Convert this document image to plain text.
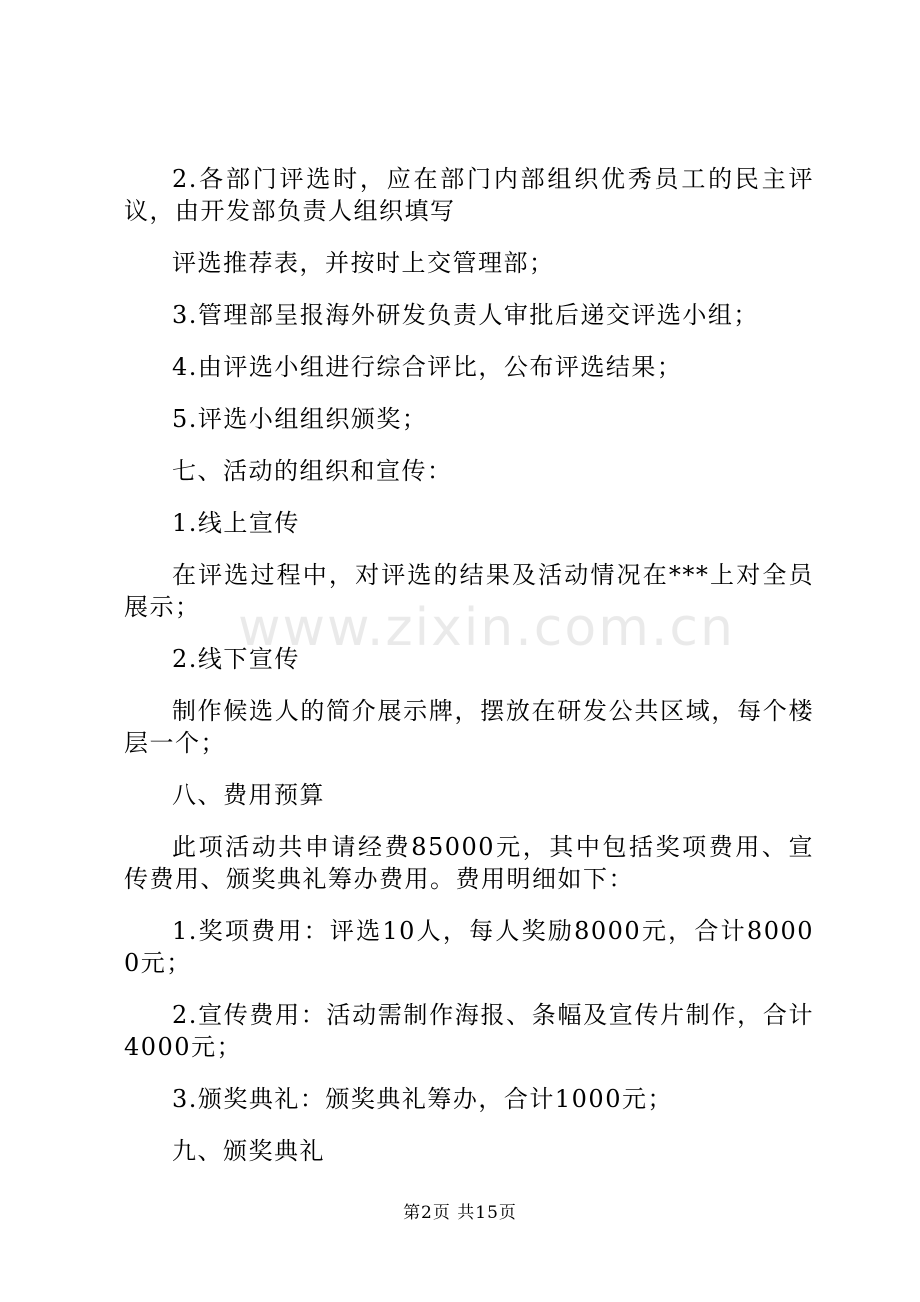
2.各部门评选时，应在部门内部组织优秀员工的民主评议，由开发部负责人组织填写

评选推荐表，并按时上交管理部；

3.管理部呈报海外研发负责人审批后递交评选小组；

4.由评选小组进行综合评比，公布评选结果；

5.评选小组组织颁奖；

七、活动的组织和宣传：

1.线上宣传

在评选过程中，对评选的结果及活动情况在***上对全员展示；

2.线下宣传

制作候选人的简介展示牌，摆放在研发公共区域，每个楼层一个；

八、费用预算

此项活动共申请经费85000元，其中包括奖项费用、宣传费用、颁奖典礼筹办费用。费用明细如下：

1.奖项费用：评选10人，每人奖励8000元，合计80000元；

2.宣传费用：活动需制作海报、条幅及宣传片制作，合计4000元；

3.颁奖典礼：颁奖典礼筹办，合计1000元；

九、颁奖典礼

www.zixin.com.cn
第2页 共15页
